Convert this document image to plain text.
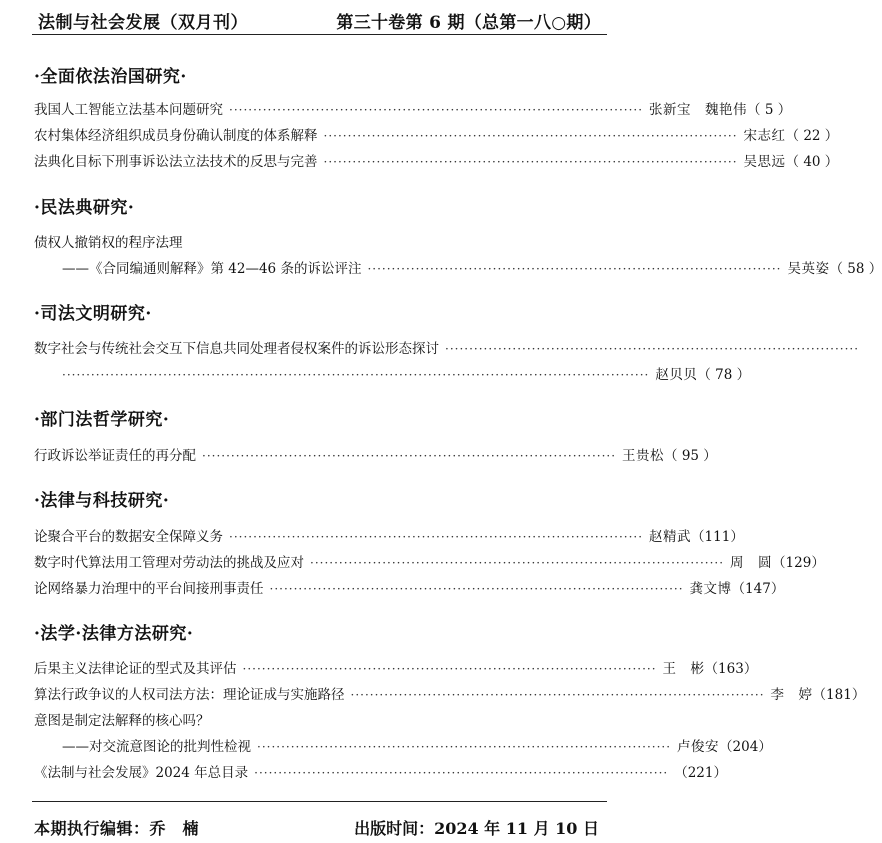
法制与社会发展（双月刊）	第三十卷第 6 期（总第一八○期）
·全面依法治国研究·
我国人工智能立法基本问题研究 ······················································································ 张新宝　魏艳伟 （ 5 ）
农村集体经济组织成员身份确认制度的体系解释 ······················································································ 宋志红 （ 22 ）
法典化目标下刑事诉讼法立法技术的反思与完善 ······················································································ 吴思远 （ 40 ）
·民法典研究·
债权人撤销权的程序法理
——《合同编通则解释》第 42—46 条的诉讼评注 ······················································································ 吴英姿 （ 58 ）
·司法文明研究·
数字社会与传统社会交互下信息共同处理者侵权案件的诉讼形态探讨 ······················································································
·························································································································· 赵贝贝 （ 78 ）
·部门法哲学研究·
行政诉讼举证责任的再分配 ······················································································ 王贵松 （ 95 ）
·法律与科技研究·
论聚合平台的数据安全保障义务 ······················································································ 赵精武 （111）
数字时代算法用工管理对劳动法的挑战及应对 ······················································································ 周　圆 （129）
论网络暴力治理中的平台间接刑事责任 ······················································································ 龚文博 （147）
·法学·法律方法研究·
后果主义法律论证的型式及其评估 ······················································································ 王　彬 （163）
算法行政争议的人权司法方法：理论证成与实施路径 ······················································································ 李　婷 （181）
意图是制定法解释的核心吗？
——对交流意图论的批判性检视 ······················································································ 卢俊安 （204）
《法制与社会发展》2024 年总目录 ······················································································ （221）
本期执行编辑：乔　楠	出版时间：2024 年 11 月 10 日
